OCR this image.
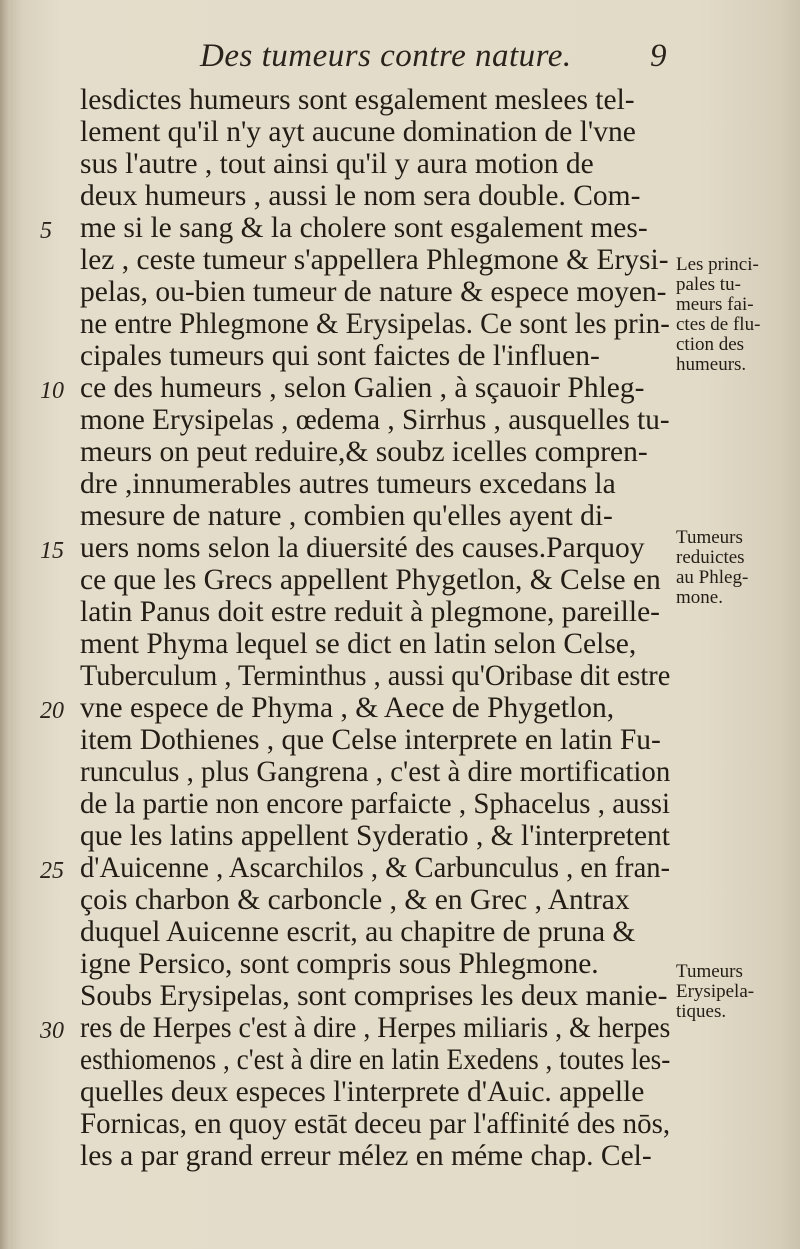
Des tumeurs contre nature. 9
lesdictes humeurs sont esgalement meslees tel-
lement qu'il n'y ayt aucune domination de l'vne
sus l'autre , tout ainsi qu'il y aura motion de
deux humeurs , aussi le nom sera double. Com-
me si le sang & la cholere sont esgalement mes-
5
lez , ceste tumeur s'appellera Phlegmone & Erysi-
pelas, ou-bien tumeur de nature & espece moyen-
ne entre Phlegmone & Erysipelas. Ce sont les prin-
cipales tumeurs qui sont faictes de l'influen-
ce des humeurs , selon Galien , à sçauoir Phleg-
10
mone Erysipelas , œdema , Sirrhus , ausquelles tu-
meurs on peut reduire,& soubz icelles compren-
dre ,innumerables autres tumeurs excedans la
mesure de nature , combien qu'elles ayent di-
uers noms selon la diuersité des causes.Parquoy
15
ce que les Grecs appellent Phygetlon, & Celse en
latin Panus doit estre reduit à plegmone, pareille-
ment Phyma lequel se dict en latin selon Celse,
Tuberculum , Terminthus , aussi qu'Oribase dit estre
vne espece de Phyma , & Aece de Phygetlon,
20
item Dothienes , que Celse interprete en latin Fu-
runculus , plus Gangrena , c'est à dire mortification
de la partie non encore parfaicte , Sphacelus , aussi
que les latins appellent Syderatio , & l'interpretent
d'Auicenne , Ascarchilos , & Carbunculus , en fran-
25
çois charbon & carboncle , & en Grec , Antrax
duquel Auicenne escrit, au chapitre de pruna &
igne Persico, sont compris sous Phlegmone.
Soubs Erysipelas, sont comprises les deux manie-
res de Herpes c'est à dire , Herpes miliaris , & herpes
30
esthiomenos , c'est à dire en latin Exedens , toutes les-
quelles deux especes l'interprete d'Auic. appelle
Fornicas, en quoy estāt deceu par l'affinité des nōs,
les a par grand erreur mélez en méme chap. Cel-
Les princi-
pales tu-
meurs fai-
ctes de flu-
ction des
humeurs.
Tumeurs
reduictes
au Phleg-
mone.
Tumeurs
Erysipela-
tiques.
